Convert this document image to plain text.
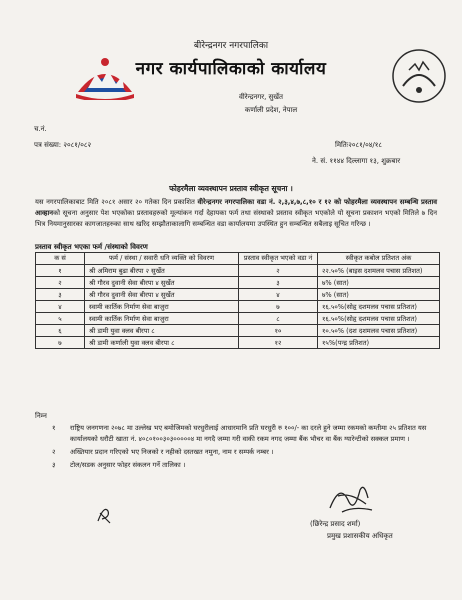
बीरेन्द्रनगर नगरपालिका
नगर कार्यपालिकाको कार्यालय
वीरेन्द्रनगर, सुर्खेत
कर्णाली प्रदेश, नेपाल
च.नं.
पत्र संख्या: २०८१/०८२	मितिः२०८१/०४/१८
ने. सं. ११४४ दिल्लागा १३, शुक्रबार
फोहरमैला व्यवस्थापन प्रस्ताव स्वीकृत सूचना ।
यस नगरपालिकाबाट मिति २०८१ असार २० गतेका दिन प्रकाशित वीरेन्द्रनगर नगरपालिका वडा नं. २,३,४,७,८,१० र १२ को फोहरमैला व्यवस्थापन सम्बन्धि प्रस्ताव आव्हानको सूचना अनुसार पेश भएकोका प्रस्तावहरुको मूल्यांकन गर्दा देहायका फर्म तथा संस्थाको प्रस्ताव स्वीकृत भएकोले यो सूचना प्रकाशन भएको मितिले ७ दिन भित्र नियमानुसारका कागजातहरुका साथ खरिद सम्झौताकालागि सम्बन्धित वडा कार्यालयमा उपस्थित हुन सम्बन्धित सबैलाइ सूचित गरिन्छ ।
प्रस्ताव स्वीकृत भएका फर्म /संस्थाको विवरण
क सं	फर्म / संस्था / सवारी धनि व्यक्ति को विवरण	प्रस्ताव स्वीकृत भएको वडा नं	स्वीकृत कबोल प्रतिशत अंक
१	श्री अमिराम बुढा बीरपा २ सुर्खेत	२	२२.५०% (बाइस दशमलव पचास प्रतिशत)
२	श्री गौरव दुवानी सेवा बीरपा ४ सुर्खेत	३	७% (सात)
३	श्री गौरव दुवानी सेवा बीरपा ४ सुर्खेत	४	७% (सात)
४	स्वामी कार्तिक निर्माण सेवा बाजुरा	७	१६.५०%(सोहृ दशमलव पचास प्रतिशत)
५	स्वामी कार्तिक निर्माण सेवा बाजुरा	८	१६.५०%(सोहृ दशमलव पचास प्रतिशत)
६	श्री डामी युवा क्लव बीरपा ८	१०	१०.५०% (दश दशमलव पचास प्रतिशत)
७	श्री डामी कर्णाली युवा क्लव बीरपा ८	१२	१५%(पन्द्र प्रतिशत)
निम्न
१ राष्ट्रिय जनगणना २०७८ मा उल्लेख भए बमोजिमको घरधुरीलाई आधारमानि प्रति घरधुरी रु १००/- का दरले हुने जम्मा रकमको कम्तीमा २५ प्रतिशत यस कार्यालयको धरौटी खाता नं. ४०८०१००३०३०००००४ मा नगदै जम्मा गरी वाकी रकम नगद जम्मा बैंक भौचर वा बैंक ग्यारेन्टीको सक्कल प्रमाण ।
२ अख्तियार प्रदान गरिएको भए निजको र नहीको दस्तखत नमुना, नाम र सम्पर्क नम्बर ।
३ टोल/सडक अनुसार फोहर संकलन गर्ने तालिका ।
(छिरेन्द्र प्रसाद शर्मा)
प्रमुख प्रशासकीय अधिकृत
